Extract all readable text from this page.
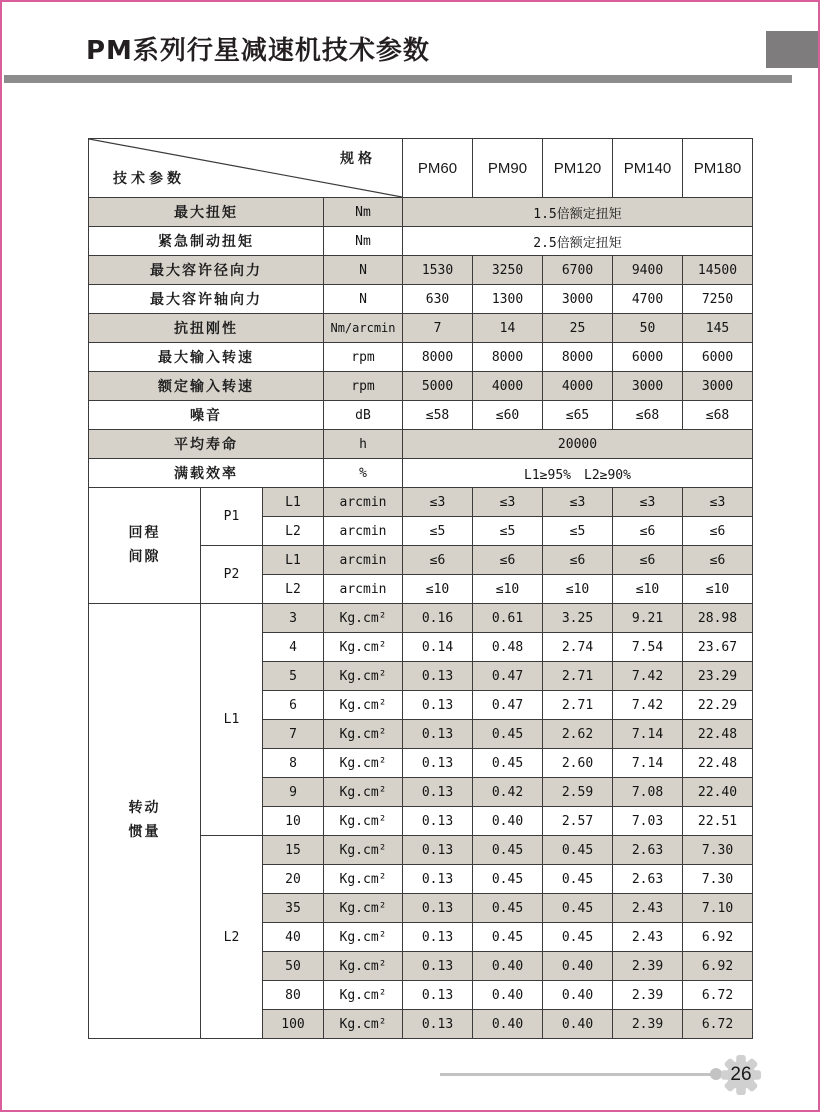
PM系列行星减速机技术参数
规格
技术参数				PM60	PM90	PM120	PM140	PM180
最大扭矩			Nm	1.5倍额定扭矩				
紧急制动扭矩			Nm	2.5倍额定扭矩				
最大容许径向力			N	1530	3250	6700	9400	14500
最大容许轴向力			N	630	1300	3000	4700	7250
抗扭刚性			Nm/arcmin	7	14	25	50	145
最大输入转速			rpm	8000	8000	8000	6000	6000
额定输入转速			rpm	5000	4000	4000	3000	3000
噪音			dB	≤58	≤60	≤65	≤68	≤68
平均寿命			h	20000				
满载效率			%	L1≥95%　L2≥90%				
回程
间隙	P1	L1	arcmin	≤3	≤3	≤3	≤3	≤3
		L2	arcmin	≤5	≤5	≤5	≤6	≤6
	P2	L1	arcmin	≤6	≤6	≤6	≤6	≤6
		L2	arcmin	≤10	≤10	≤10	≤10	≤10
转动
惯量	L1	3	Kg.cm²	0.16	0.61	3.25	9.21	28.98
		4	Kg.cm²	0.14	0.48	2.74	7.54	23.67
		5	Kg.cm²	0.13	0.47	2.71	7.42	23.29
		6	Kg.cm²	0.13	0.47	2.71	7.42	22.29
		7	Kg.cm²	0.13	0.45	2.62	7.14	22.48
		8	Kg.cm²	0.13	0.45	2.60	7.14	22.48
		9	Kg.cm²	0.13	0.42	2.59	7.08	22.40
		10	Kg.cm²	0.13	0.40	2.57	7.03	22.51
	L2	15	Kg.cm²	0.13	0.45	0.45	2.63	7.30
		20	Kg.cm²	0.13	0.45	0.45	2.63	7.30
		35	Kg.cm²	0.13	0.45	0.45	2.43	7.10
		40	Kg.cm²	0.13	0.45	0.45	2.43	6.92
		50	Kg.cm²	0.13	0.40	0.40	2.39	6.92
		80	Kg.cm²	0.13	0.40	0.40	2.39	6.72
		100	Kg.cm²	0.13	0.40	0.40	2.39	6.72
26
